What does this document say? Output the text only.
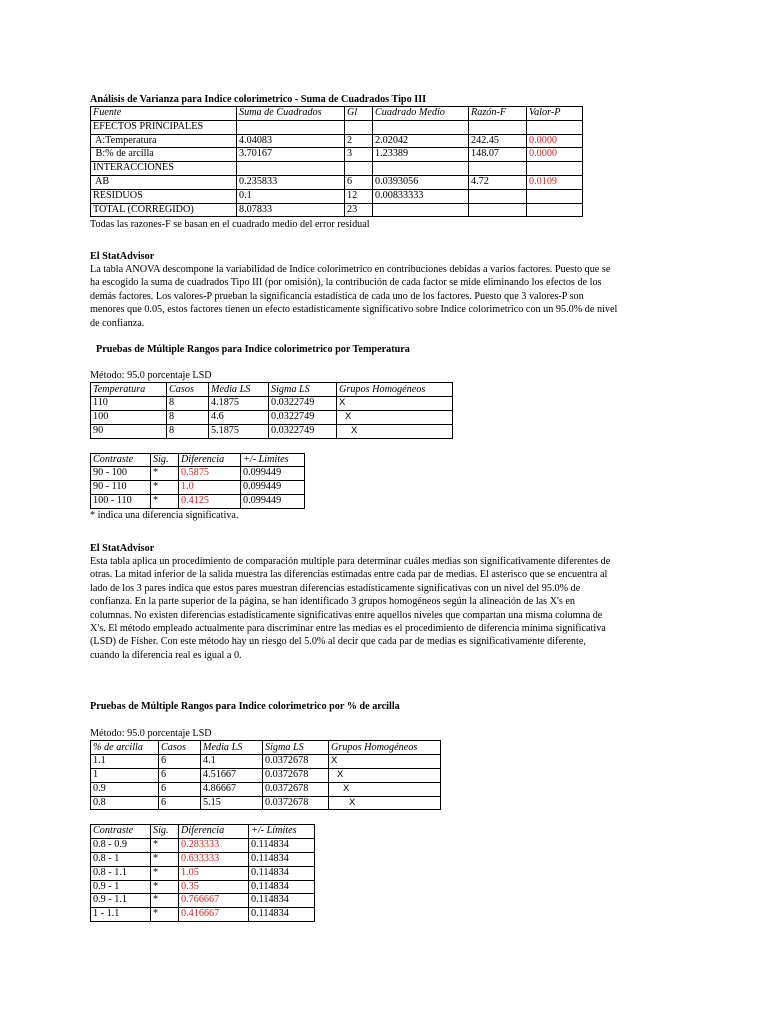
Análisis de Varianza para Indice colorimetrico - Suma de Cuadrados Tipo III
Fuente	Suma de Cuadrados	Gl	Cuadrado Medio	Razón-F	Valor-P
EFECTOS PRINCIPALES					
A:Temperatura	4.04083	2	2.02042	242.45	0.0000
B:% de arcilla	3.70167	3	1.23389	148.07	0.0000
INTERACCIONES					
AB	0.235833	6	0.0393056	4.72	0.0109
RESIDUOS	0.1	12	0.00833333		
TOTAL (CORREGIDO)	8.07833	23			

Todas las razones-F se basan en el cuadrado medio del error residual

El StatAdvisor

La tabla ANOVA descompone la variabilidad de Indice colorimetrico en contribuciones debidas a varios factores. Puesto que se

ha escogido la suma de cuadrados Tipo III (por omisión), la contribución de cada factor se mide eliminando los efectos de los

demás factores. Los valores-P prueban la significancia estadística de cada uno de los factores. Puesto que 3 valores-P son

menores que 0.05, estos factores tienen un efecto estadísticamente significativo sobre Indice colorimetrico con un 95.0% de nivel

de confianza.

Pruebas de Múltiple Rangos para Indice colorimetrico por Temperatura

Método: 95.0 porcentaje LSD

Temperatura	Casos	Media LS	Sigma LS	Grupos Homogéneos
110	8	4.1875	0.0322749	X
100	8	4.6	0.0322749	X
90	8	5.1875	0.0322749	X
Contraste	Sig.	Diferencia	+/- Límites
90 - 100	*	0.5875	0.099449
90 - 110	*	1.0	0.099449
100 - 110	*	0.4125	0.099449

* indica una diferencia significativa.

El StatAdvisor

Esta tabla aplica un procedimiento de comparación multiple para determinar cuáles medias son significativamente diferentes de

otras. La mitad inferior de la salida muestra las diferencias estimadas entre cada par de medias. El asterisco que se encuentra al

lado de los 3 pares indica que estos pares muestran diferencias estadísticamente significativas con un nivel del 95.0% de

confianza. En la parte superior de la página, se han identificado 3 grupos homogéneos según la alineación de las X's en

columnas. No existen diferencias estadísticamente significativas entre aquellos niveles que compartan una misma columna de

X's. El método empleado actualmente para discriminar entre las medias es el procedimiento de diferencia mínima significativa

(LSD) de Fisher. Con este método hay un riesgo del 5.0% al decir que cada par de medias es significativamente diferente,

cuando la diferencia real es igual a 0.

Pruebas de Múltiple Rangos para Indice colorimetrico por % de arcilla

Método: 95.0 porcentaje LSD

% de arcilla	Casos	Media LS	Sigma LS	Grupos Homogéneos
1.1	6	4.1	0.0372678	X
1	6	4.51667	0.0372678	X
0.9	6	4.86667	0.0372678	X
0.8	6	5.15	0.0372678	X
Contraste	Sig.	Diferencia	+/- Límites
0.8 - 0.9	*	0.283333	0.114834
0.8 - 1	*	0.633333	0.114834
0.8 - 1.1	*	1.05	0.114834
0.9 - 1	*	0.35	0.114834
0.9 - 1.1	*	0.766667	0.114834
1 - 1.1	*	0.416667	0.114834
